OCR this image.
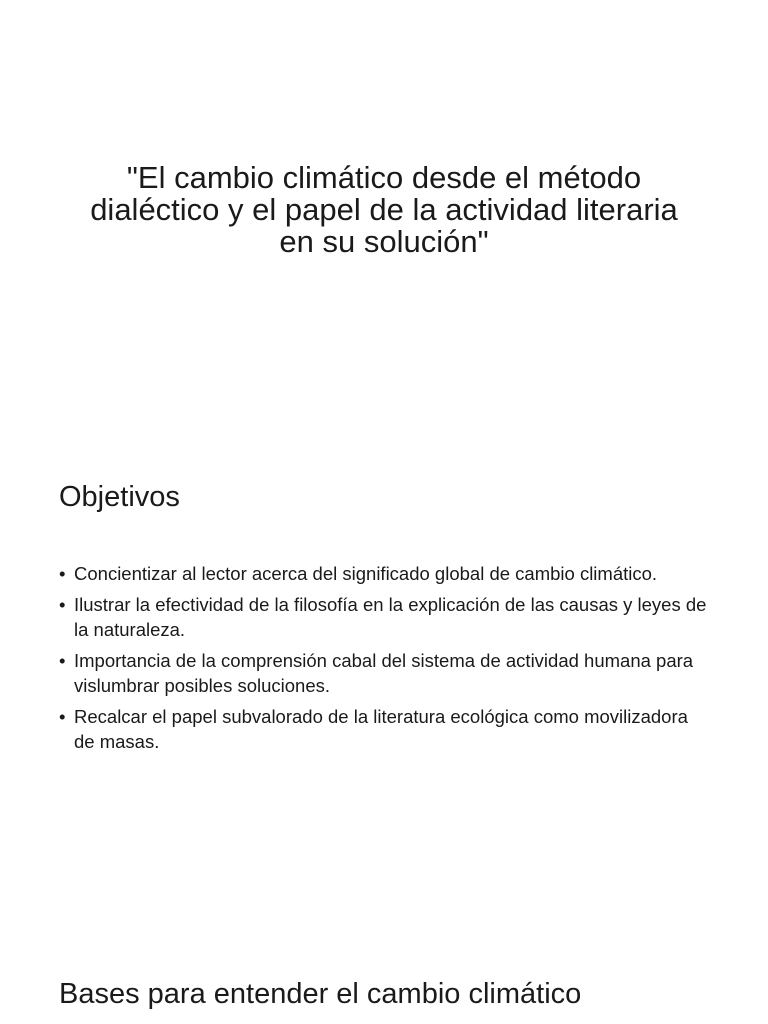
"El cambio climático desde el método dialéctico y el papel de la actividad literaria en su solución"
Objetivos
• Concientizar al lector acerca del significado global de cambio climático.
• Ilustrar la efectividad de la filosofía en la explicación de las causas y leyes de la naturaleza.
• Importancia de la comprensión cabal del sistema de actividad humana para vislumbrar posibles soluciones.
• Recalcar el papel subvalorado de la literatura ecológica como movilizadora de masas.
Bases para entender el cambio climático
